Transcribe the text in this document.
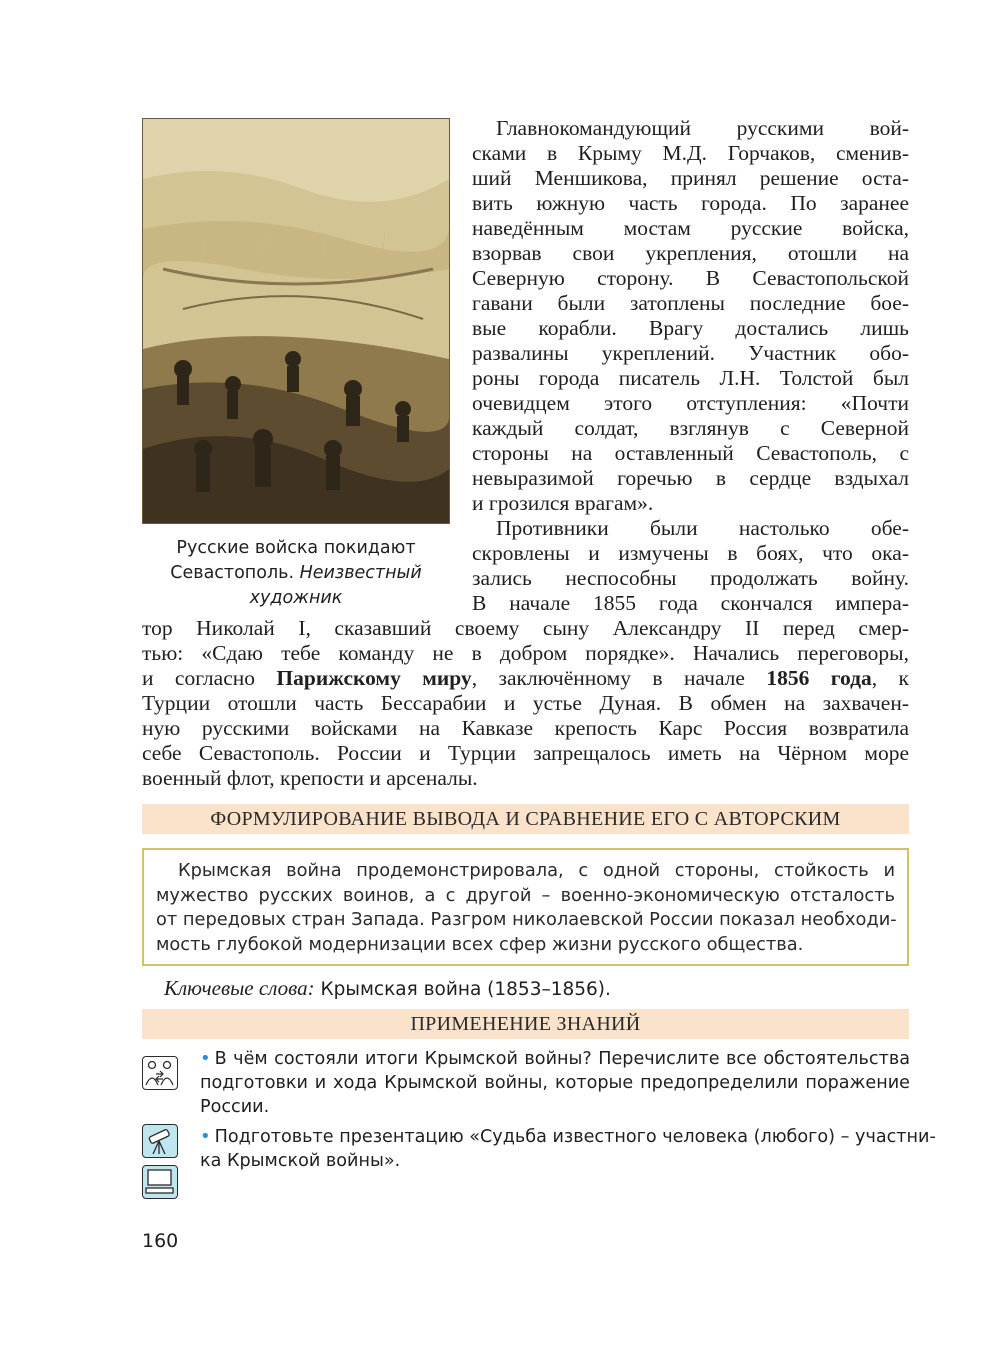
Русские войска покидают
Севастополь. Неизвестный
художник
Главнокомандующий русскими вой-
сками в Крыму М.Д. Горчаков, сменив-
ший Меншикова, принял решение оста-
вить южную часть города. По заранее
наведённым мостам русские войска,
взорвав свои укрепления, отошли на
Северную сторону. В Севастопольской
гавани были затоплены последние бое-
вые корабли. Врагу достались лишь
развалины укреплений. Участник обо-
роны города писатель Л.Н. Толстой был
очевидцем этого отступления: «Почти
каждый солдат, взглянув с Северной
стороны на оставленный Севастополь, с
невыразимой горечью в сердце вздыхал
и грозился врагам».
Противники были настолько обе-
скровлены и измучены в боях, что ока-
зались неспособны продолжать войну.
В начале 1855 года скончался импера-
тор Николай I, сказавший своему сыну Александру II перед смер-
тью: «Сдаю тебе команду не в добром порядке». Начались переговоры,
и согласно Парижскому миру, заключённому в начале 1856 года, к
Турции отошли часть Бессарабии и устье Дуная. В обмен на захвачен-
ную русскими войсками на Кавказе крепость Карс Россия возвратила
себе Севастополь. России и Турции запрещалось иметь на Чёрном море
военный флот, крепости и арсеналы.
ФОРМУЛИРОВАНИЕ ВЫВОДА И СРАВНЕНИЕ ЕГО С АВТОРСКИМ
Крымская война продемонстрировала, с одной стороны, стойкость и
мужество русских воинов, а с другой – военно-экономическую отсталость
от передовых стран Запада. Разгром николаевской России показал необходи-
мость глубокой модернизации всех сфер жизни русского общества.
Ключевые слова: Крымская война (1853–1856).
ПРИМЕНЕНИЕ ЗНАНИЙ
• В чём состояли итоги Крымской войны? Перечислите все обстоятельства
подготовки и хода Крымской войны, которые предопределили поражение
России.
• Подготовьте презентацию «Судьба известного человека (любого) – участни-
ка Крымской войны».
160
